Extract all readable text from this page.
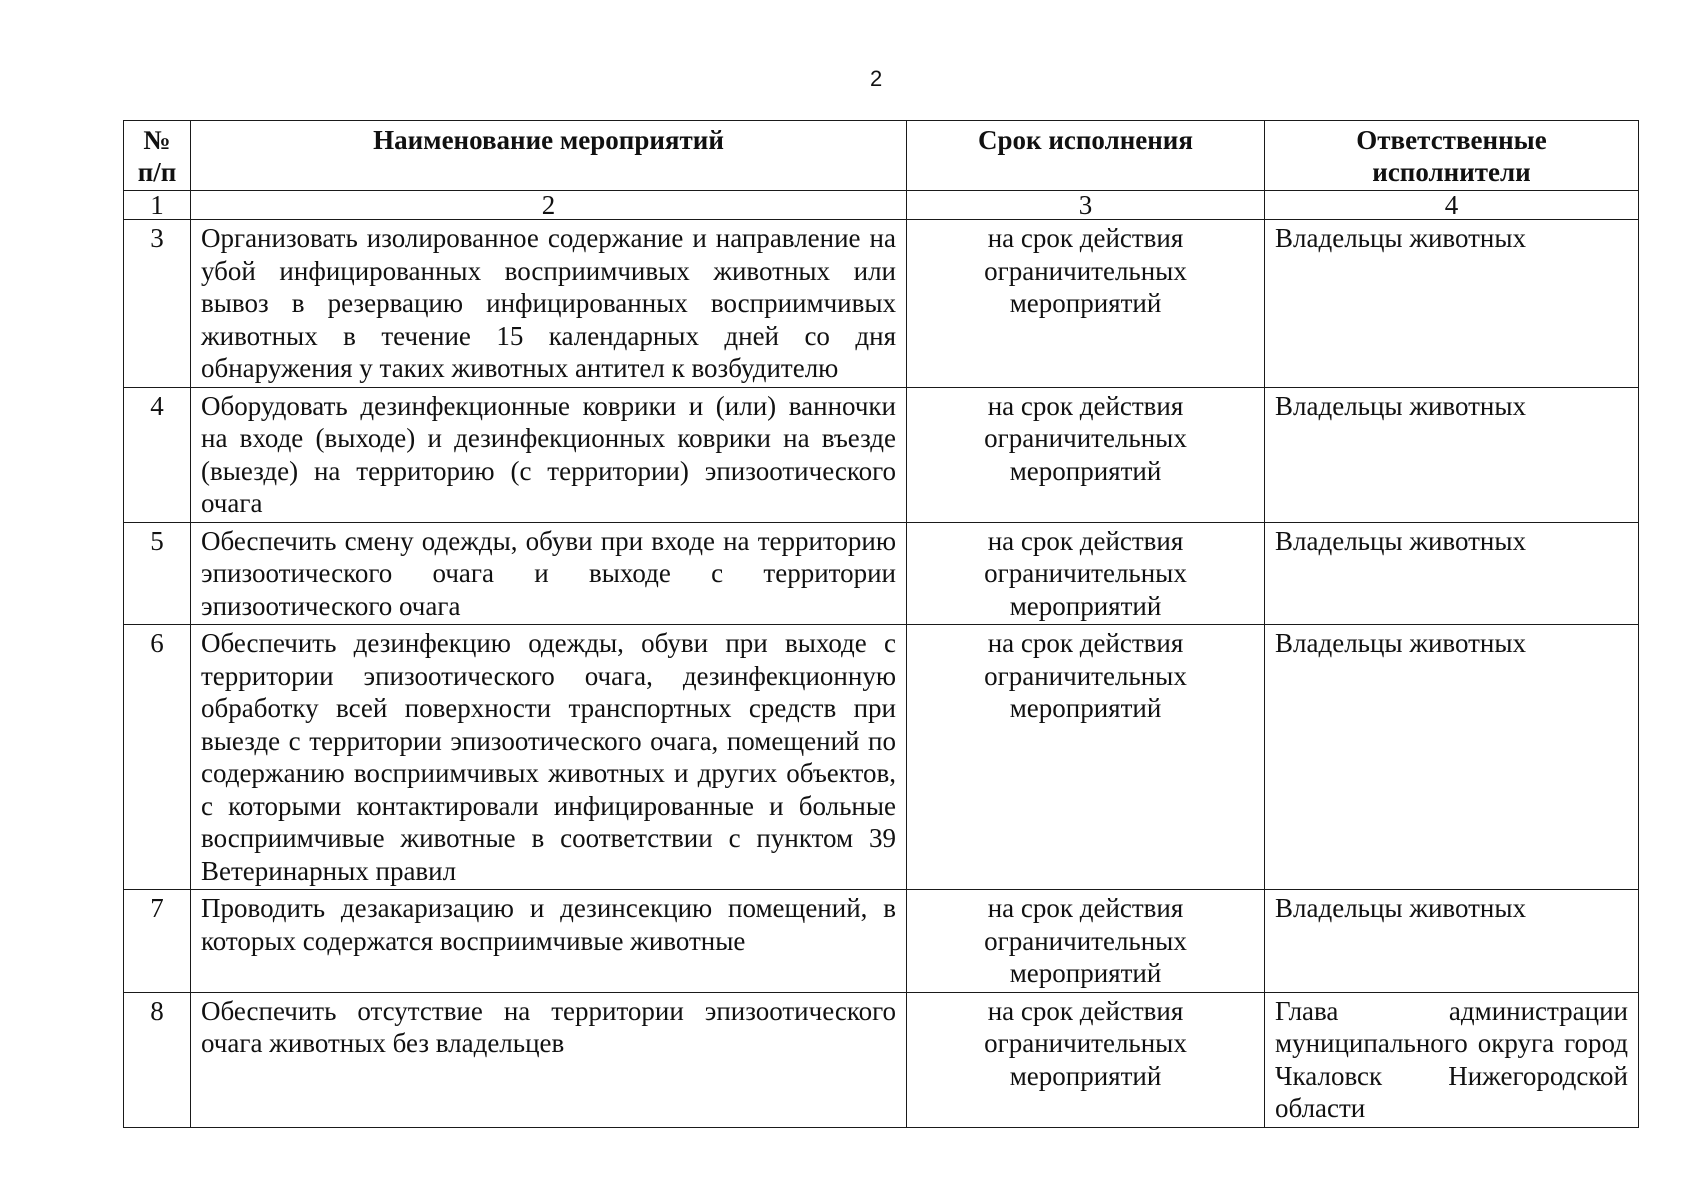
2
№ п/п	Наименование мероприятий	Срок исполнения	Ответственные исполнители
1	2	3	4
3	Организовать изолированное содержание и направление на убой инфицированных восприимчивых животных или вывоз в резервацию инфицированных восприимчивых животных в течение 15 календарных дней со дня обнаружения у таких животных антител к возбудителю	на срок действия ограничительных мероприятий	Владельцы животных
4	Оборудовать дезинфекционные коврики и (или) ванночки на входе (выходе) и дезинфекционных коврики на въезде (выезде) на территорию (с территории) эпизоотического очага	на срок действия ограничительных мероприятий	Владельцы животных
5	Обеспечить смену одежды, обуви при входе на территорию эпизоотического очага и выходе с территории эпизоотического очага	на срок действия ограничительных мероприятий	Владельцы животных
6	Обеспечить дезинфекцию одежды, обуви при выходе с территории эпизоотического очага, дезинфекционную обработку всей поверхности транспортных средств при выезде с территории эпизоотического очага, помещений по содержанию восприимчивых животных и других объектов, с которыми контактировали инфицированные и больные восприимчивые животные в соответствии с пунктом 39 Ветеринарных правил	на срок действия ограничительных мероприятий	Владельцы животных
7	Проводить дезакаризацию и дезинсекцию помещений, в которых содержатся восприимчивые животные	на срок действия ограничительных мероприятий	Владельцы животных
8	Обеспечить отсутствие на территории эпизоотического очага животных без владельцев	на срок действия ограничительных мероприятий	Глава администрации муниципального округа город Чкаловск Нижегородской области
